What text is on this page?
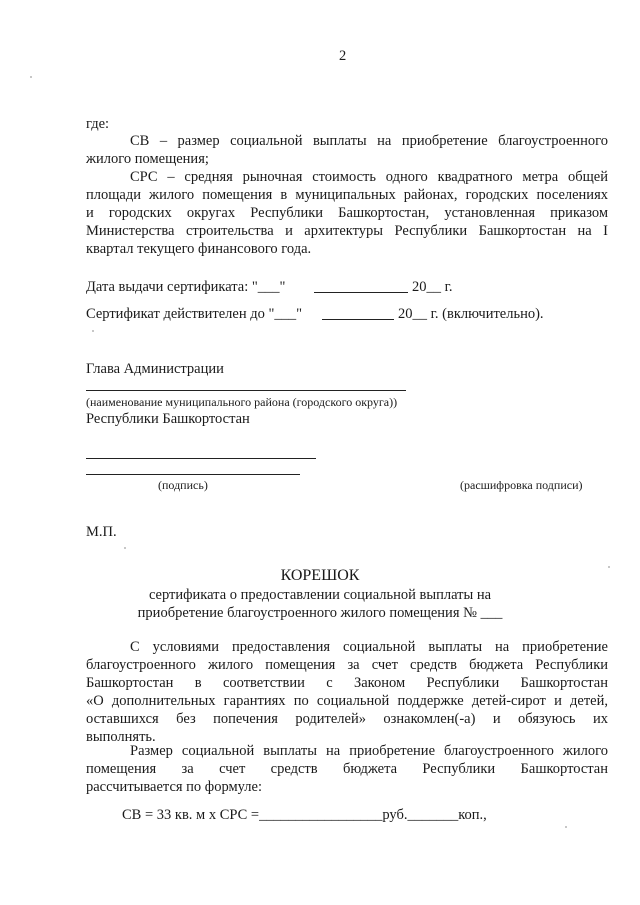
2
где:
СВ – размер социальной выплаты на приобретение благоустроенного
жилого помещения;
СРС – средняя рыночная стоимость одного квадратного метра общей
площади жилого помещения в муниципальных районах, городских поселениях
и городских округах Республики Башкортостан, установленная приказом
Министерства строительства и архитектуры Республики Башкортостан на I
квартал текущего финансового года.
Дата выдачи сертификата: "___"	20__ г.
Сертификат действителен до "___"	20__ г. (включительно).
Глава Администрации
(наименование муниципального района (городского округа))
Республики Башкортостан
(подпись)	(расшифровка подписи)
М.П.
КОРЕШОК
сертификата о предоставлении социальной выплаты на
приобретение благоустроенного жилого помещения № ___
С условиями предоставления социальной выплаты на приобретение
благоустроенного жилого помещения за счет средств бюджета Республики
Башкортостан в соответствии с Законом Республики Башкортостан
«О дополнительных гарантиях по социальной поддержке детей-сирот и детей,
оставшихся без попечения родителей» ознакомлен(-а) и обязуюсь их
выполнять.
Размер социальной выплаты на приобретение благоустроенного жилого
помещения за счет средств бюджета Республики Башкортостан
рассчитывается по формуле:
СВ = 33 кв. м x СРС =_________________руб._______коп.,
